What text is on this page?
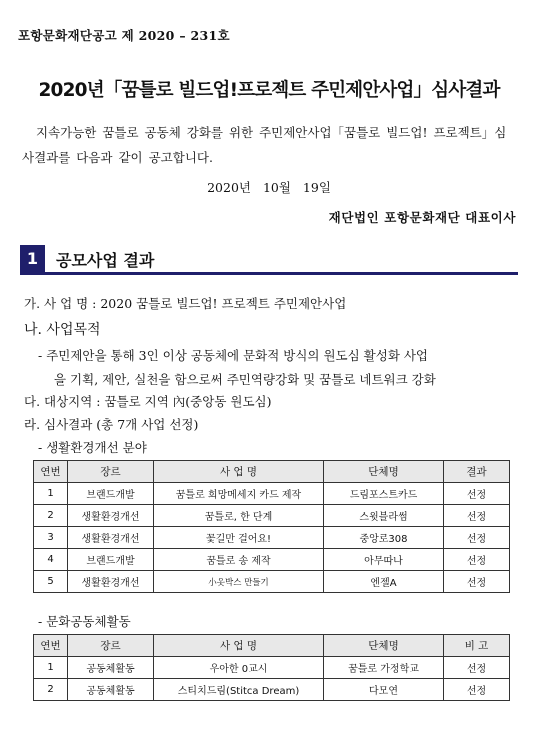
포항문화재단공고 제 2020 – 231호
2020년「꿈틀로 빌드업!프로젝트 주민제안사업」심사결과
지속가능한 꿈틀로 공동체 강화를 위한 주민제안사업「꿈틀로 빌드업! 프로젝트」심사결과를 다음과 같이 공고합니다.
2020년 10월 19일
재단법인 포항문화재단 대표이사
1	공모사업 결과
가. 사 업 명 : 2020 꿈틀로 빌드업! 프로젝트 주민제안사업
나. 사업목적
- 주민제안을 통해 3인 이상 공동체에 문화적 방식의 원도심 활성화 사업
을 기획, 제안, 실천을 함으로써 주민역량강화 및 꿈틀로 네트워크 강화
다. 대상지역 : 꿈틀로 지역 內(중앙동 원도심)
라. 심사결과 (총 7개 사업 선정)
- 생활환경개선 분야
연번	장르	사 업 명	단체명	결과
1	브랜드개발	꿈틀로 희망메세지 카드 제작	드림포스트카드	선정
2	생활환경개선	꿈틀로, 한 단계	스윗블라썸	선정
3	생활환경개선	꽃길만 걸어요!	중앙로308	선정
4	브랜드개발	꿈틀로 송 제작	아무따나	선정
5	생활환경개선	小옷박스 만들기	엔젤A	선정
- 문화공동체활동
연번	장르	사 업 명	단체명	비 고
1	공동체활동	우아한 0교시	꿈틀로 가정학교	선정
2	공동체활동	스티치드림(Stitca Dream)	다모연	선정
